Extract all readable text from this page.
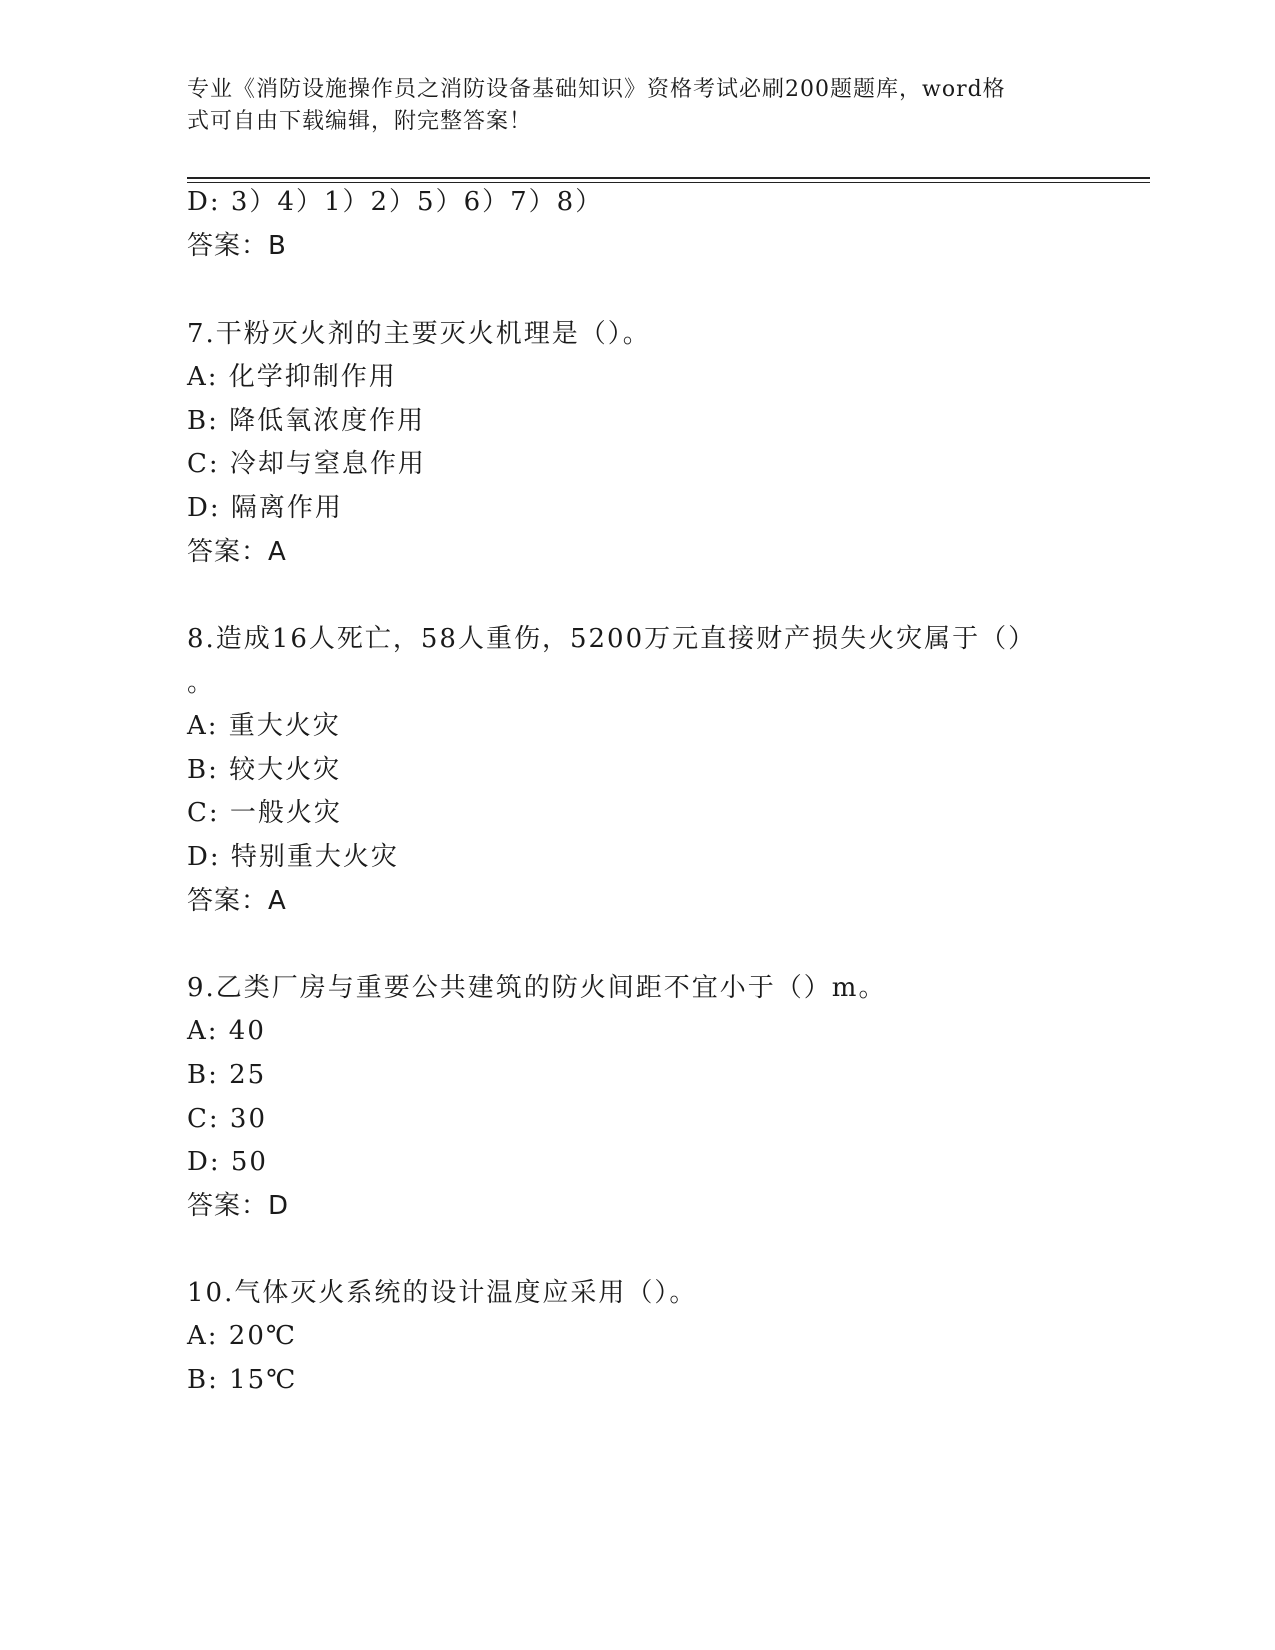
专业《消防设施操作员之消防设备基础知识》资格考试必刷200题题库，word格
式可自由下载编辑，附完整答案！
D: 3）4）1）2）5）6）7）8）
答案：B
7.干粉灭火剂的主要灭火机理是（）。
A: 化学抑制作用
B: 降低氧浓度作用
C: 冷却与窒息作用
D: 隔离作用
答案：A
8.造成16人死亡，58人重伤，5200万元直接财产损失火灾属于（）
。
A: 重大火灾
B: 较大火灾
C: 一般火灾
D: 特别重大火灾
答案：A
9.乙类厂房与重要公共建筑的防火间距不宜小于（）m。
A: 40
B: 25
C: 30
D: 50
答案：D
10.气体灭火系统的设计温度应采用（）。
A: 20℃
B: 15℃
